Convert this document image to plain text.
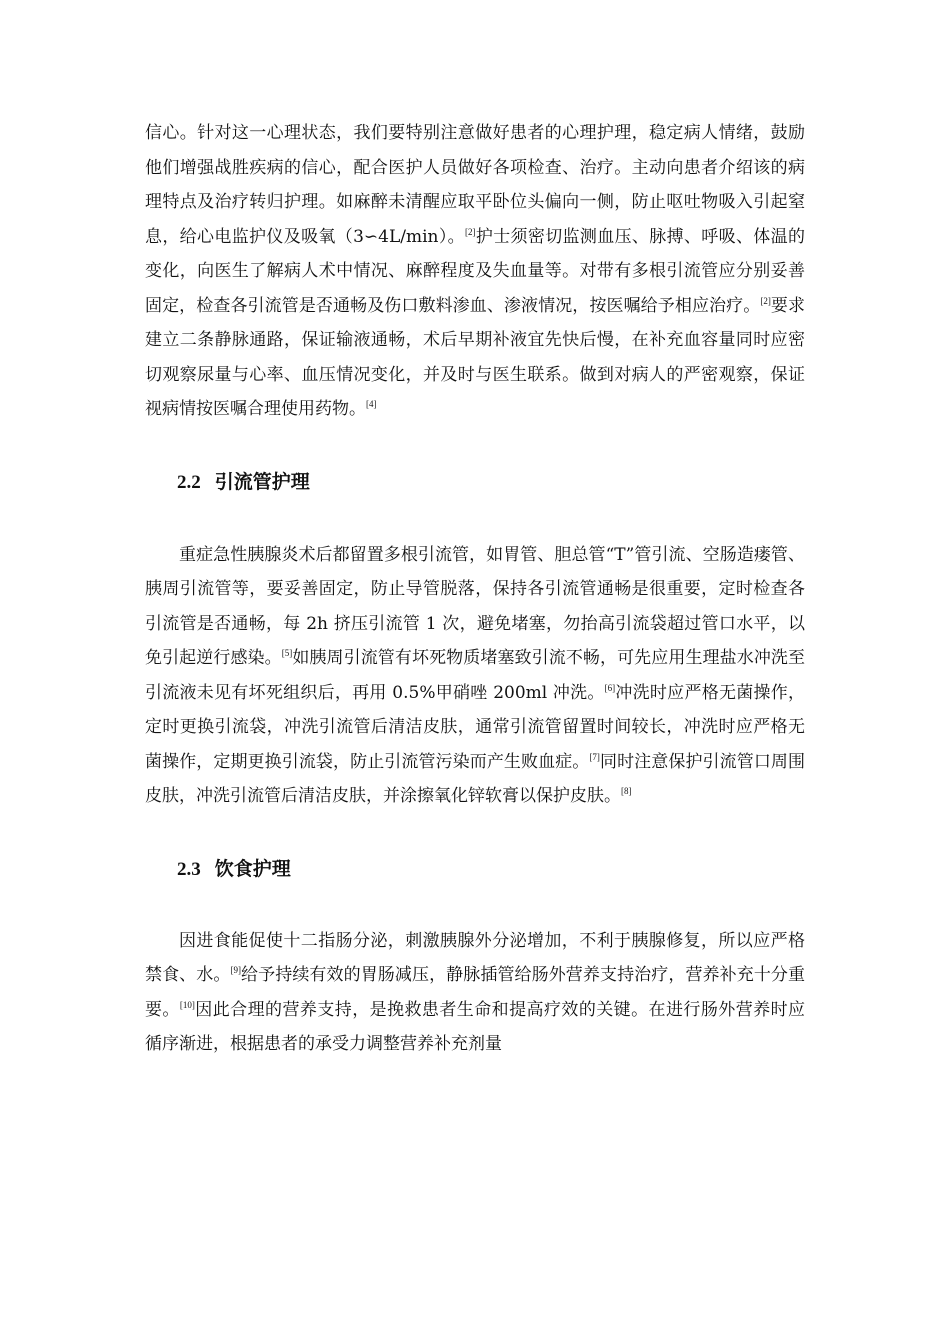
信心。针对这一心理状态，我们要特别注意做好患者的心理护理，稳定病人情绪，鼓励他们增强战胜疾病的信心，配合医护人员做好各项检查、治疗。主动向患者介绍该的病理特点及治疗转归护理。如麻醉未清醒应取平卧位头偏向一侧，防止呕吐物吸入引起窒息，给心电监护仪及吸氧（3∽4L/min）。[2]护士须密切监测血压、脉搏、呼吸、体温的变化，向医生了解病人术中情况、麻醉程度及失血量等。对带有多根引流管应分别妥善固定，检查各引流管是否通畅及伤口敷料渗血、渗液情况，按医嘱给予相应治疗。[2]要求建立二条静脉通路，保证输液通畅，术后早期补液宜先快后慢，在补充血容量同时应密切观察尿量与心率、血压情况变化，并及时与医生联系。做到对病人的严密观察，保证视病情按医嘱合理使用药物。[4]

2.2 引流管护理

重症急性胰腺炎术后都留置多根引流管，如胃管、胆总管“T”管引流、空肠造瘘管、胰周引流管等，要妥善固定，防止导管脱落，保持各引流管通畅是很重要，定时检查各引流管是否通畅，每 2h 挤压引流管 1 次，避免堵塞，勿抬高引流袋超过管口水平，以免引起逆行感染。[5]如胰周引流管有坏死物质堵塞致引流不畅，可先应用生理盐水冲洗至引流液未见有坏死组织后，再用 0.5%甲硝唑 200ml 冲洗。[6]冲洗时应严格无菌操作，定时更换引流袋，冲洗引流管后清洁皮肤，通常引流管留置时间较长，冲洗时应严格无菌操作，定期更换引流袋，防止引流管污染而产生败血症。[7]同时注意保护引流管口周围皮肤，冲洗引流管后清洁皮肤，并涂擦氧化锌软膏以保护皮肤。[8]

2.3 饮食护理

因进食能促使十二指肠分泌，刺激胰腺外分泌增加，不利于胰腺修复，所以应严格禁食、水。[9]给予持续有效的胃肠减压，静脉插管给肠外营养支持治疗，营养补充十分重要。[10]因此合理的营养支持，是挽救患者生命和提高疗效的关键。在进行肠外营养时应循序渐进，根据患者的承受力调整营养补充剂量
